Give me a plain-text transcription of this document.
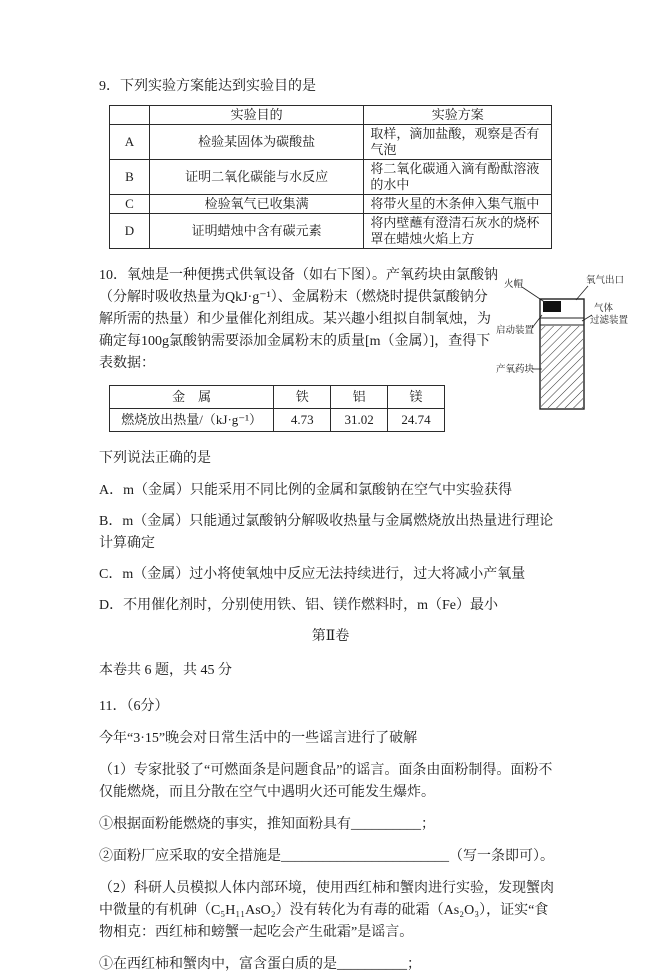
9．下列实验方案能达到实验目的是

	实验目的	实验方案
A	检验某固体为碳酸盐	取样，滴加盐酸，观察是否有气泡
B	证明二氧化碳能与水反应	将二氧化碳通入滴有酚酞溶液的水中
C	检验氧气已收集满	将带火星的木条伸入集气瓶中
D	证明蜡烛中含有碳元素	将内壁蘸有澄清石灰水的烧杯罩在蜡烛火焰上方
火帽	氧气出口
气体
过滤装置
启动装置
产氧药块

10．氧烛是一种便携式供氧设备（如右下图）。产氧药块由氯酸钠（分解时吸收热量为QkJ·g⁻¹）、金属粉末（燃烧时提供氯酸钠分解所需的热量）和少量催化剂组成。某兴趣小组拟自制氧烛，为确定每100g氯酸钠需要添加金属粉末的质量[m（金属）]，查得下表数据：

金　属	铁	铝	镁
燃烧放出热量/（kJ·g⁻¹）	4.73	31.02	24.74

下列说法正确的是

A．m（金属）只能采用不同比例的金属和氯酸钠在空气中实验获得

B．m（金属）只能通过氯酸钠分解吸收热量与金属燃烧放出热量进行理论计算确定

C．m（金属）过小将使氧烛中反应无法持续进行，过大将减小产氧量

D．不用催化剂时，分别使用铁、铝、镁作燃料时，m（Fe）最小

第Ⅱ卷

本卷共 6 题，共 45 分

11．（6分）

今年“3·15”晚会对日常生活中的一些谣言进行了破解

（1）专家批驳了“可燃面条是问题食品”的谣言。面条由面粉制得。面粉不仅能燃烧，而且分散在空气中遇明火还可能发生爆炸。

①根据面粉能燃烧的事实，推知面粉具有__________；

②面粉厂应采取的安全措施是________________________（写一条即可）。

（2）科研人员模拟人体内部环境，使用西红柿和蟹肉进行实验，发现蟹肉中微量的有机砷（C₅H₁₁AsO₂）没有转化为有毒的砒霜（As₂O₃），证实“食物相克：西红柿和螃蟹一起吃会产生砒霜”是谣言。

①在西红柿和蟹肉中，富含蛋白质的是__________；
